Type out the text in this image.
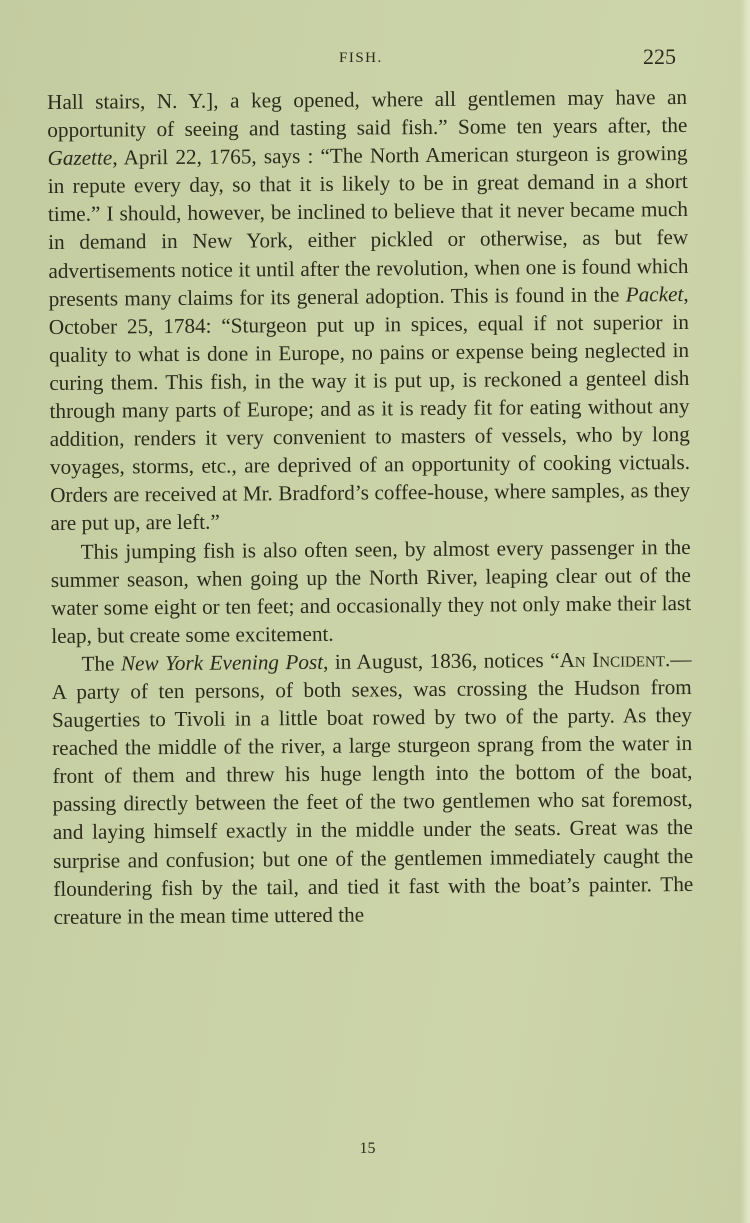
FISH.	225

Hall stairs, N. Y.], a keg opened, where all gentlemen may have an opportunity of seeing and tasting said fish.” Some ten years after, the Gazette, April 22, 1765, says : “The North American sturgeon is growing in repute every day, so that it is likely to be in great demand in a short time.” I should, however, be inclined to believe that it never became much in demand in New York, either pickled or otherwise, as but few advertisements notice it until after the revolution, when one is found which presents many claims for its general adoption. This is found in the Packet, October 25, 1784: “Sturgeon put up in spices, equal if not superior in quality to what is done in Europe, no pains or expense being neglected in curing them. This fish, in the way it is put up, is reckoned a genteel dish through many parts of Europe; and as it is ready fit for eating without any addition, renders it very convenient to masters of vessels, who by long voyages, storms, etc., are deprived of an opportunity of cooking victuals. Orders are received at Mr. Bradford’s coffee-house, where samples, as they are put up, are left.”

This jumping fish is also often seen, by almost every passenger in the summer season, when going up the North River, leaping clear out of the water some eight or ten feet; and occasionally they not only make their last leap, but create some excitement.

The New York Evening Post, in August, 1836, notices “An Incident.—A party of ten persons, of both sexes, was crossing the Hudson from Saugerties to Tivoli in a little boat rowed by two of the party. As they reached the middle of the river, a large sturgeon sprang from the water in front of them and threw his huge length into the bottom of the boat, passing directly between the feet of the two gentlemen who sat foremost, and laying himself exactly in the middle under the seats. Great was the surprise and confusion; but one of the gentlemen immediately caught the floundering fish by the tail, and tied it fast with the boat’s painter. The creature in the mean time uttered the

15
